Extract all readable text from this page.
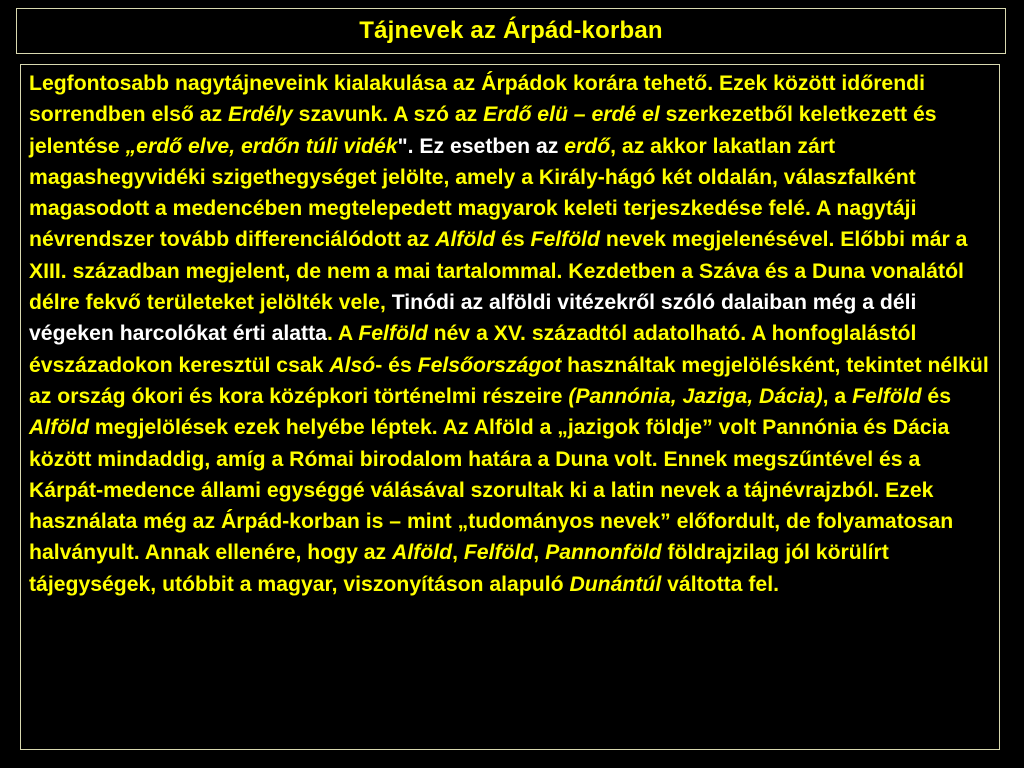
Tájnevek az Árpád-korban

Legfontosabb nagytájneveink kialakulása az Árpádok korára tehető. Ezek között időrendi sorrendben első az Erdély szavunk. A szó az Erdő elü – erdé el szerkezetből keletkezett és jelentése „erdő elve, erdőn túli vidék". Ez esetben az erdő, az akkor lakatlan zárt magashegyvidéki szigethegységet jelölte, amely a Király-hágó két oldalán, válaszfalként magasodott a medencében megtelepedett magyarok keleti terjeszkedése felé. A nagytáji névrendszer tovább differenciálódott az Alföld és Felföld nevek megjelenésével. Előbbi már a XIII. században megjelent, de nem a mai tartalommal. Kezdetben a Száva és a Duna vonalától délre fekvő területeket jelölték vele, Tinódi az alföldi vitézekről szóló dalaiban még a déli végeken harcolókat érti alatta. A Felföld név a XV. századtól adatolható. A honfoglalástól évszázadokon keresztül csak Alsó- és Felsőországot használtak megjelölésként, tekintet nélkül az ország ókori és kora középkori történelmi részeire (Pannónia, Jaziga, Dácia), a Felföld és Alföld megjelölések ezek helyébe léptek. Az Alföld a „jazigok földje” volt Pannónia és Dácia között mindaddig, amíg a Római birodalom határa a Duna volt. Ennek megszűntével és a Kárpát-medence állami egységgé válásával szorultak ki a latin nevek a tájnévrajzból. Ezek használata még az Árpád-korban is – mint „tudományos nevek” előfordult, de folyamatosan halványult. Annak ellenére, hogy az Alföld, Felföld, Pannonföld földrajzilag jól körülírt tájegységek, utóbbit a magyar, viszonyításon alapuló Dunántúl váltotta fel.
